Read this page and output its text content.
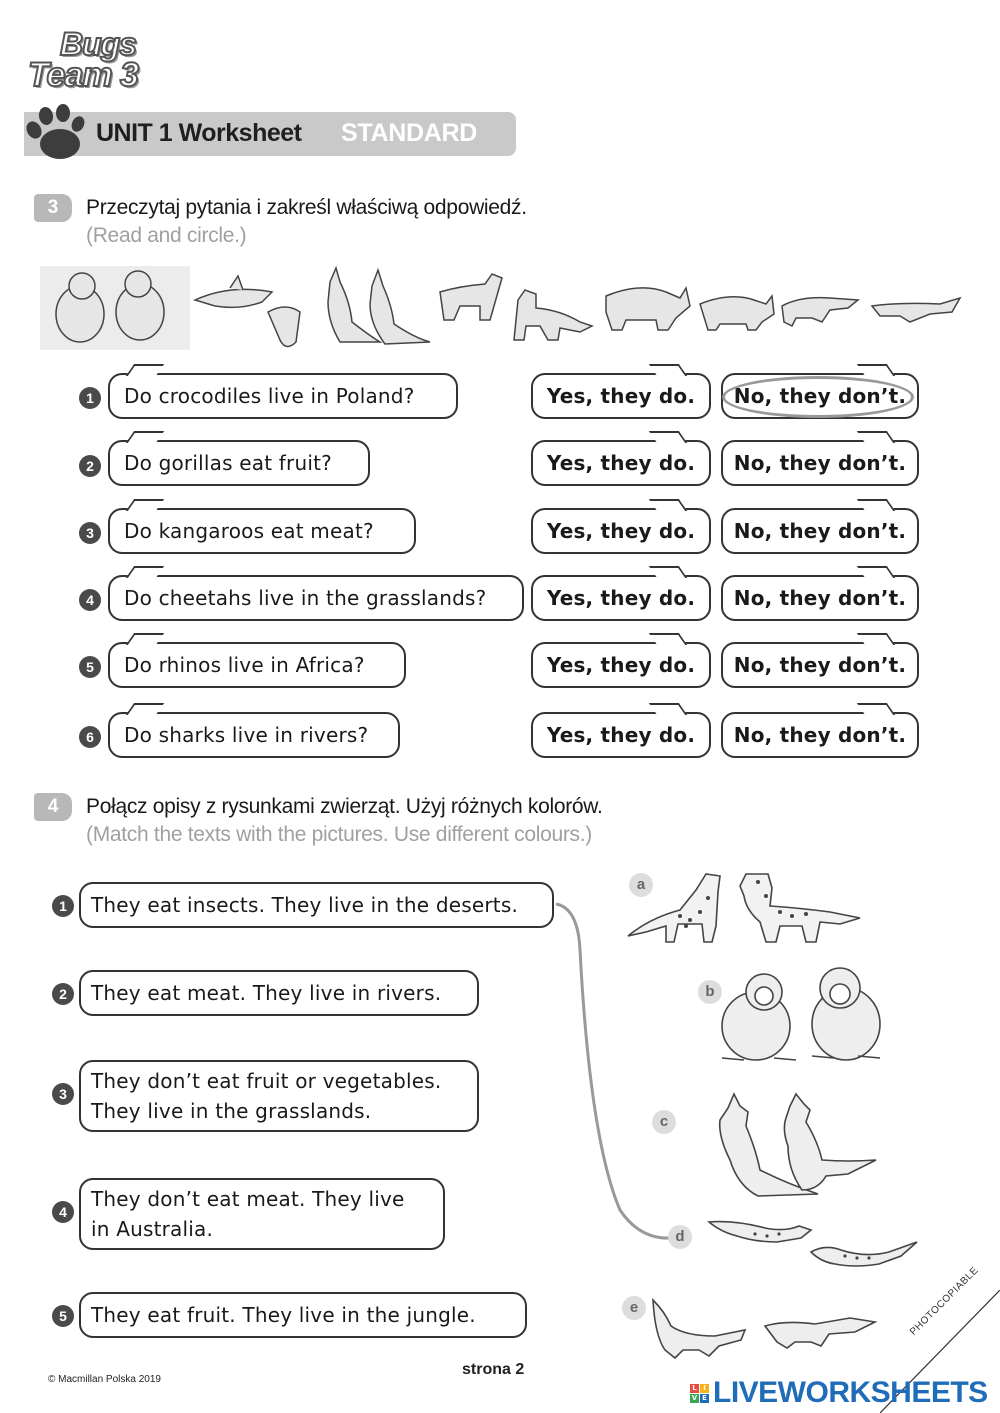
Bugs
Team 3
UNIT 1 Worksheet STANDARD
3	Przeczytaj pytania i zakreśl właściwą odpowiedź.
(Read and circle.)
1	Do crocodiles live in Poland?	Yes, they do.	No, they don’t.
2	Do gorillas eat fruit?	Yes, they do.	No, they don’t.
3	Do kangaroos eat meat?	Yes, they do.	No, they don’t.
4	Do cheetahs live in the grasslands?	Yes, they do.	No, they don’t.
5	Do rhinos live in Africa?	Yes, they do.	No, they don’t.
6	Do sharks live in rivers?	Yes, they do.	No, they don’t.
4	Połącz opisy z rysunkami zwierząt. Użyj różnych kolorów.
(Match the texts with the pictures. Use different colours.)
1	They eat insects. They live in the deserts.
2	They eat meat. They live in rivers.
3
They don’t eat fruit or vegetables.
They live in the grasslands.
4
They don’t eat meat. They live
in Australia.
5	They eat fruit. They live in the jungle.
a
b
c
d
e
© Macmillan Polska 2019
strona 2
PHOTOCOPIABLE
L I
V E LIVEWORKSHEETS
